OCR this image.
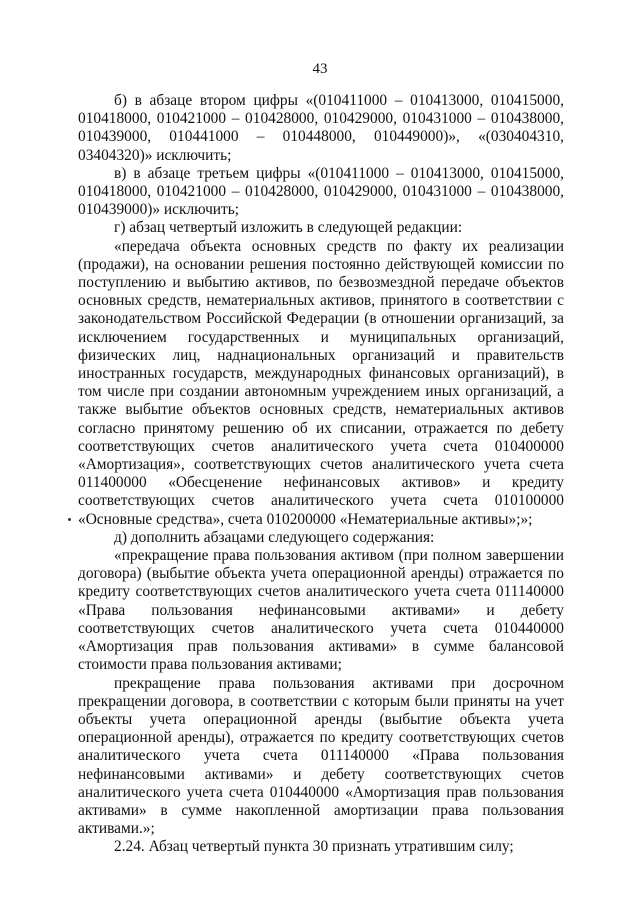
43

б) в абзаце втором цифры «(010411000 – 010413000, 010415000, 010418000, 010421000 – 010428000, 010429000, 010431000 – 010438000, 010439000, 010441000 – 010448000, 010449000)», «(030404310, 03404320)» исключить;

в) в абзаце третьем цифры «(010411000 – 010413000, 010415000, 010418000, 010421000 – 010428000, 010429000, 010431000 – 010438000, 010439000)» исключить;

г) абзац четвертый изложить в следующей редакции:

«передача объекта основных средств по факту их реализации (продажи), на основании решения постоянно действующей комиссии по поступлению и выбытию активов, по безвозмездной передаче объектов основных средств, нематериальных активов, принятого в соответствии с законодательством Российской Федерации (в отношении организаций, за исключением государственных и муниципальных организаций, физических лиц, наднациональных организаций и правительств иностранных государств, международных финансовых организаций), в том числе при создании автономным учреждением иных организаций, а также выбытие объектов основных средств, нематериальных активов согласно принятому решению об их списании, отражается по дебету соответствующих счетов аналитического учета счета 010400000 «Амортизация», соответствующих счетов аналитического учета счета 011400000 «Обесценение нефинансовых активов» и кредиту соответствующих счетов аналитического учета счета 010100000 «Основные средства», счета 010200000 «Нематериальные активы»;»;

д) дополнить абзацами следующего содержания:

«прекращение права пользования активом (при полном завершении договора) (выбытие объекта учета операционной аренды) отражается по кредиту соответствующих счетов аналитического учета счета 011140000 «Права пользования нефинансовыми активами» и дебету соответствующих счетов аналитического учета счета 010440000 «Амортизация прав пользования активами» в сумме балансовой стоимости права пользования активами;

прекращение права пользования активами при досрочном прекращении договора, в соответствии с которым были приняты на учет объекты учета операционной аренды (выбытие объекта учета операционной аренды), отражается по кредиту соответствующих счетов аналитического учета счета 011140000 «Права пользования нефинансовыми активами» и дебету соответствующих счетов аналитического учета счета 010440000 «Амортизация прав пользования активами» в сумме накопленной амортизации права пользования активами.»;

2.24. Абзац четвертый пункта 30 признать утратившим силу;
